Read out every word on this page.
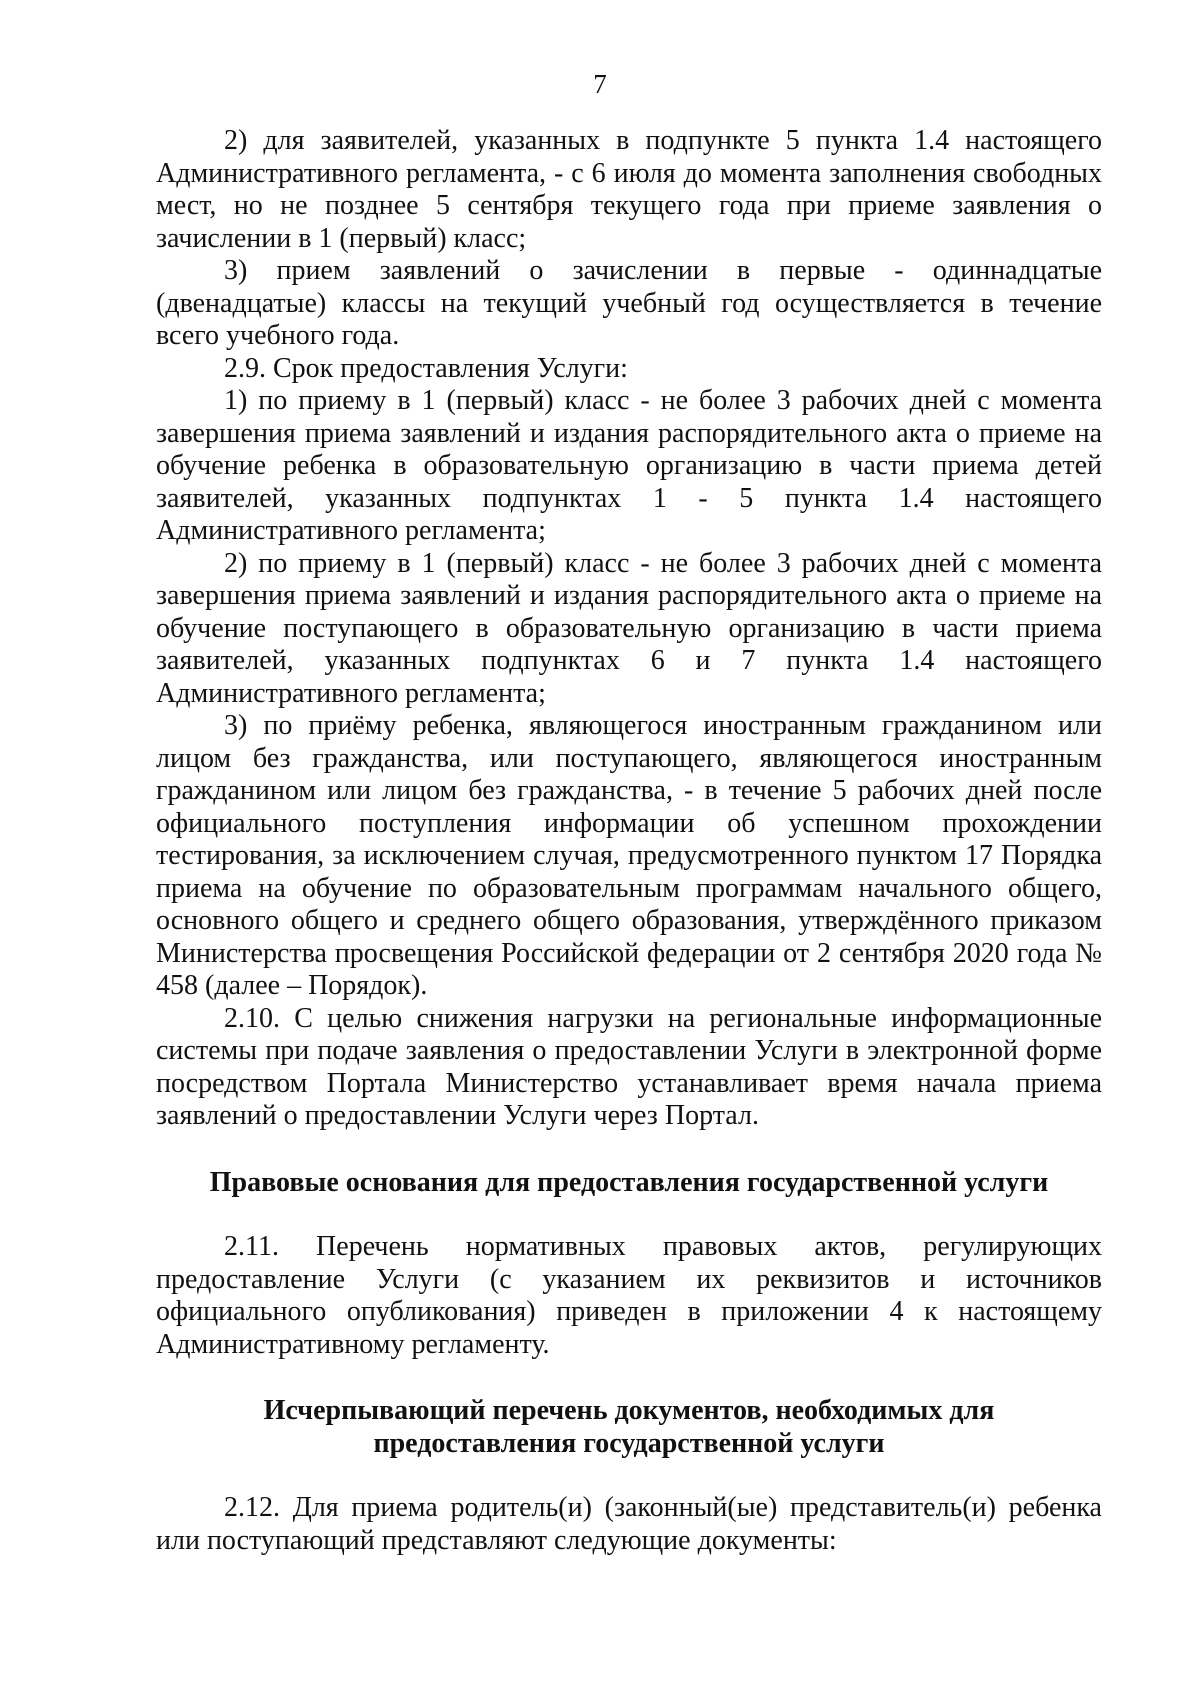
7

2) для заявителей, указанных в подпункте 5 пункта 1.4 настоящего Административного регламента, - с 6 июля до момента заполнения свободных мест, но не позднее 5 сентября текущего года при приеме заявления о зачислении в 1 (первый) класс;

3) прием заявлений о зачислении в первые - одиннадцатые (двенадцатые) классы на текущий учебный год осуществляется в течение всего учебного года.

2.9. Срок предоставления Услуги:

1) по приему в 1 (первый) класс - не более 3 рабочих дней с момента завершения приема заявлений и издания распорядительного акта о приеме на обучение ребенка в образовательную организацию в части приема детей заявителей, указанных подпунктах 1 - 5 пункта 1.4 настоящего Административного регламента;

2) по приему в 1 (первый) класс - не более 3 рабочих дней с момента завершения приема заявлений и издания распорядительного акта о приеме на обучение поступающего в образовательную организацию в части приема заявителей, указанных подпунктах 6 и 7 пункта 1.4 настоящего Административного регламента;

3) по приёму ребенка, являющегося иностранным гражданином или лицом без гражданства, или поступающего, являющегося иностранным гражданином или лицом без гражданства, - в течение 5 рабочих дней после официального поступления информации об успешном прохождении тестирования, за исключением случая, предусмотренного пунктом 17 Порядка приема на обучение по образовательным программам начального общего, основного общего и среднего общего образования, утверждённого приказом Министерства просвещения Российской федерации от 2 сентября 2020 года № 458 (далее – Порядок).

2.10. С целью снижения нагрузки на региональные информационные системы при подаче заявления о предоставлении Услуги в электронной форме посредством Портала Министерство устанавливает время начала приема заявлений о предоставлении Услуги через Портал.

Правовые основания для предоставления государственной услуги

2.11. Перечень нормативных правовых актов, регулирующих предоставление Услуги (с указанием их реквизитов и источников официального опубликования) приведен в приложении 4 к настоящему Административному регламенту.

Исчерпывающий перечень документов, необходимых для предоставления государственной услуги

2.12. Для приема родитель(и) (законный(ые) представитель(и) ребенка или поступающий представляют следующие документы:
